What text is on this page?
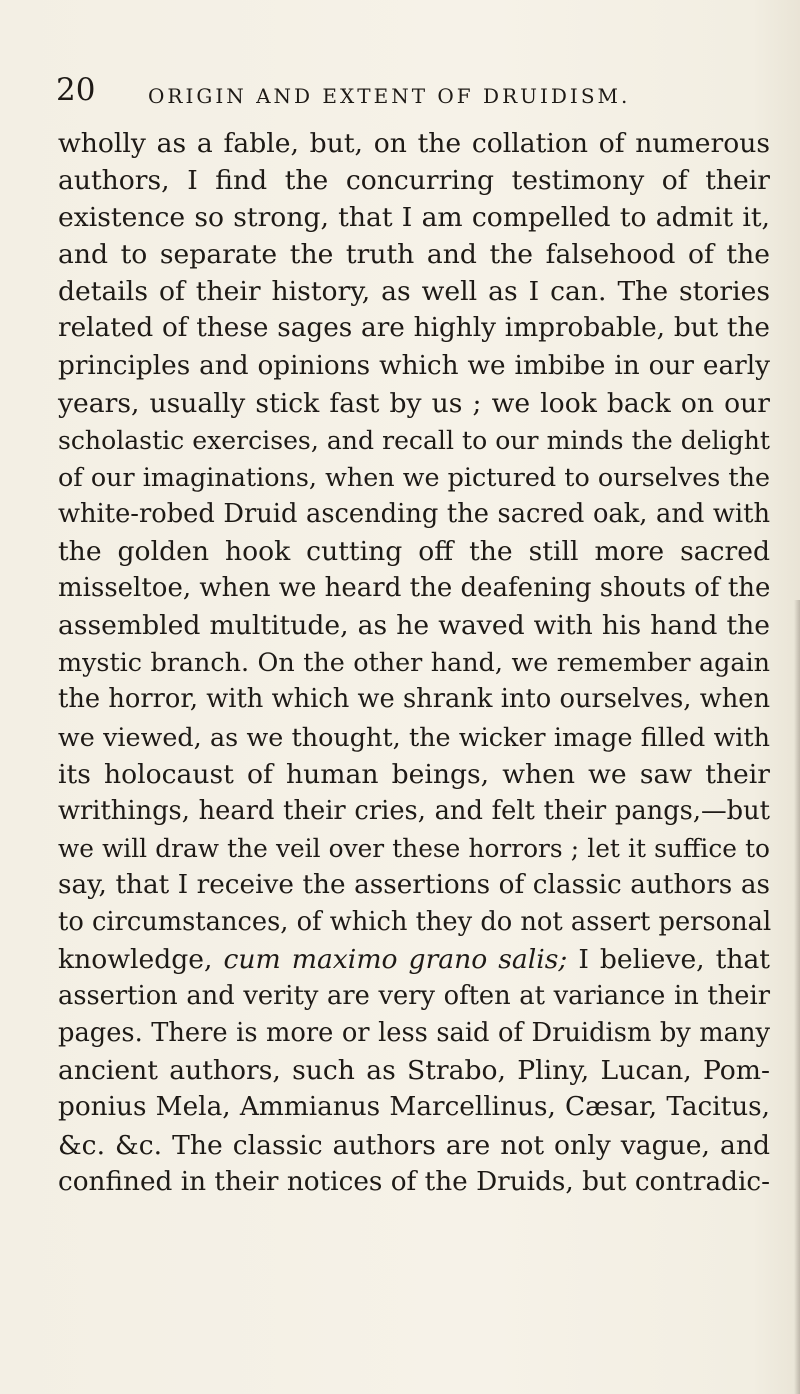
20	ORIGIN AND EXTENT OF DRUIDISM.
wholly as a fable, but, on the collation of numerous
authors, I find the concurring testimony of their
existence so strong, that I am compelled to admit it,
and to separate the truth and the falsehood of the
details of their history, as well as I can. The stories
related of these sages are highly improbable, but the
principles and opinions which we imbibe in our early
years, usually stick fast by us ; we look back on our
scholastic exercises, and recall to our minds the delight
of our imaginations, when we pictured to ourselves the
white-robed Druid ascending the sacred oak, and with
the golden hook cutting off the still more sacred
misseltoe, when we heard the deafening shouts of the
assembled multitude, as he waved with his hand the
mystic branch. On the other hand, we remember again
the horror, with which we shrank into ourselves, when
we viewed, as we thought, the wicker image filled with
its holocaust of human beings, when we saw their
writhings, heard their cries, and felt their pangs,—but
we will draw the veil over these horrors ; let it suffice to
say, that I receive the assertions of classic authors as
to circumstances, of which they do not assert personal
knowledge, cum maximo grano salis; I believe, that
assertion and verity are very often at variance in their
pages. There is more or less said of Druidism by many
ancient authors, such as Strabo, Pliny, Lucan, Pom-
ponius Mela, Ammianus Marcellinus, Cæsar, Tacitus,
&c. &c. The classic authors are not only vague, and
confined in their notices of the Druids, but contradic-
